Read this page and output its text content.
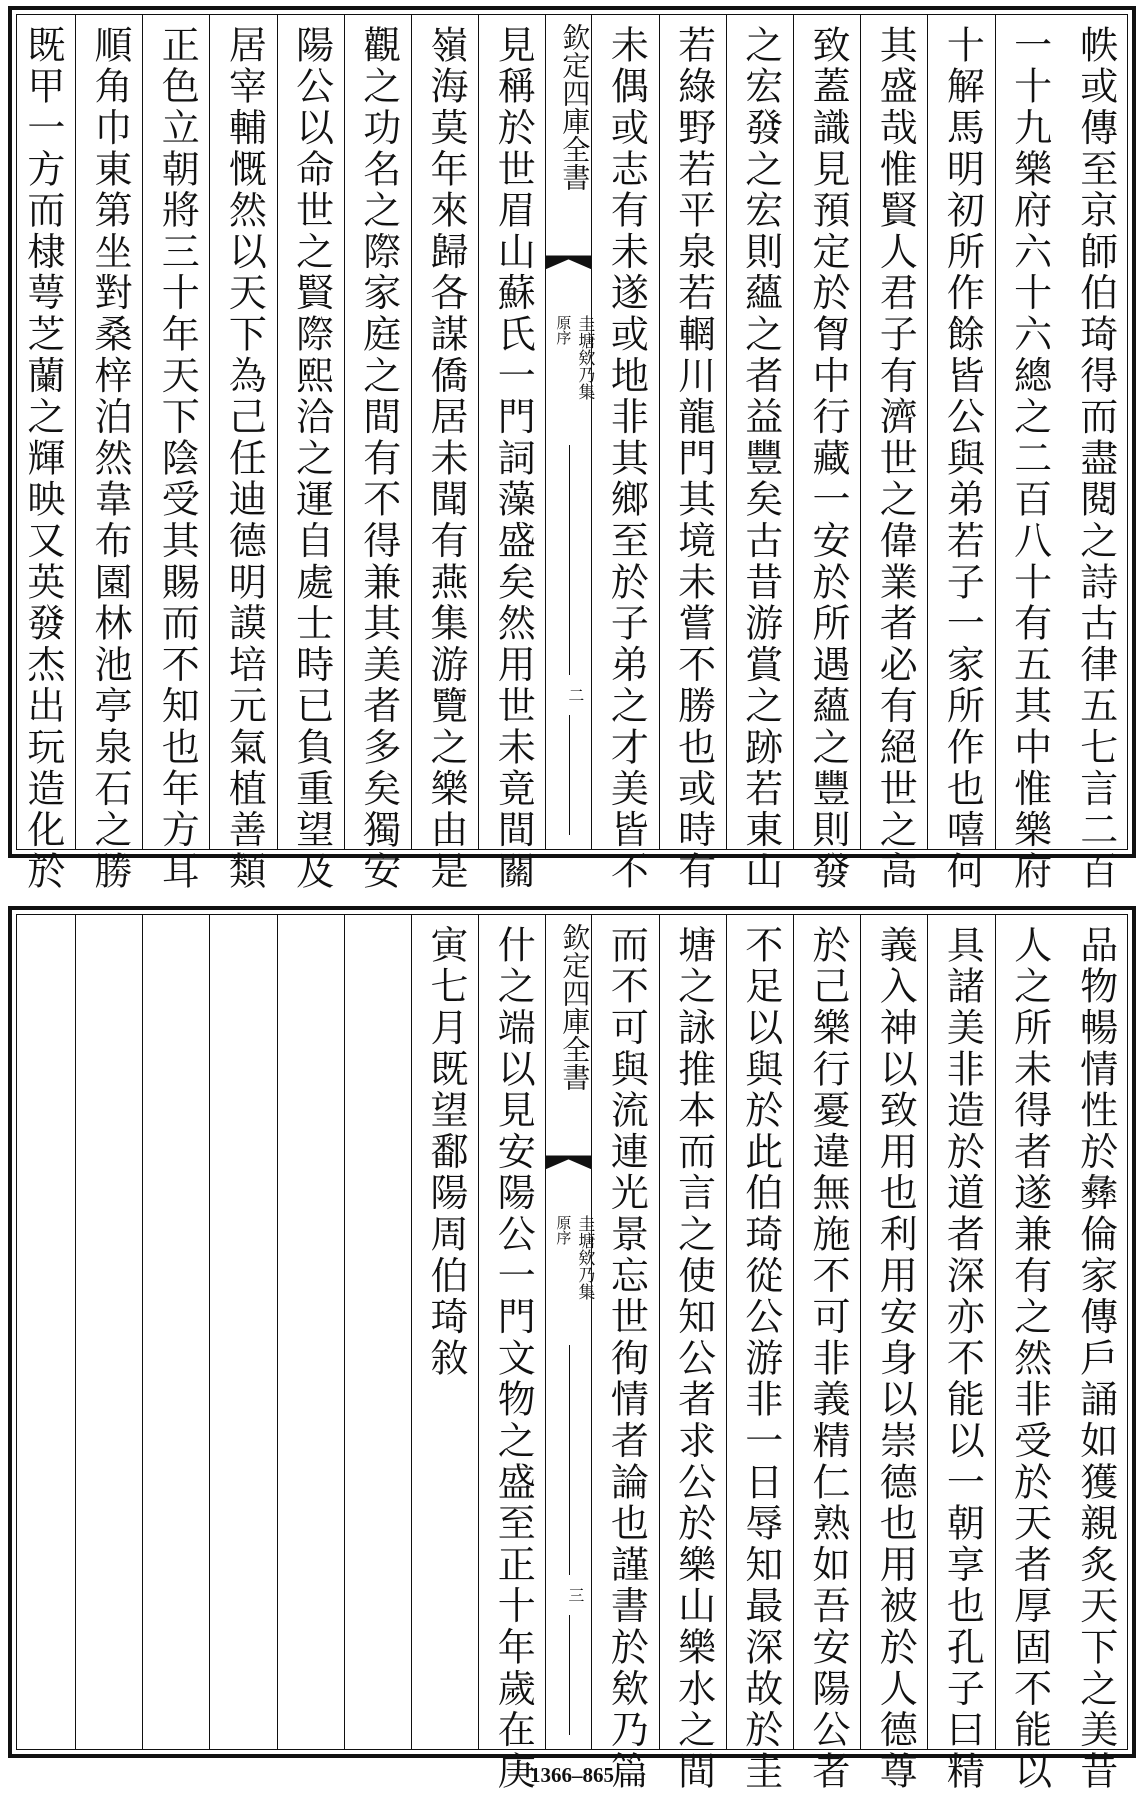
帙或傳至京師伯琦得而盡閱之詩古律五七言二百
一十九樂府六十六總之二百八十有五其中惟樂府
十解馬明初所作餘皆公與弟若子一家所作也嘻何
其盛哉惟賢人君子有濟世之偉業者必有絕世之高
致蓋識見預定於胷中行藏一安於所遇蘊之豐則發
之宏發之宏則蘊之者益豐矣古昔游賞之跡若東山
若綠野若平泉若輞川龍門其境未嘗不勝也或時有
未偶或志有未遂或地非其鄉至於子弟之才美皆不
欽定四庫全書
圭塘欸乃集
原序
二
見稱於世眉山蘇氏一門詞藻盛矣然用世未竟間關
嶺海莫年來歸各謀僑居未聞有燕集游覽之樂由是
觀之功名之際家庭之間有不得兼其美者多矣獨安
陽公以命世之賢際熙洽之運自處士時已負重望及
居宰輔慨然以天下為己任迪德明謨培元氣植善類
正色立朝將三十年天下陰受其賜而不知也年方耳
順角巾東第坐對桑梓泊然韋布園林池亭泉石之勝
既甲一方而棣萼芝蘭之輝映又英發杰出玩造化於
品物暢情性於彝倫家傳戶誦如獲親炙天下之美昔
人之所未得者遂兼有之然非受於天者厚固不能以
具諸美非造於道者深亦不能以一朝享也孔子曰精
義入神以致用也利用安身以崇德也用被於人德尊
於己樂行憂違無施不可非義精仁熟如吾安陽公者
不足以與於此伯琦從公游非一日辱知最深故於圭
塘之詠推本而言之使知公者求公於樂山樂水之間
而不可與流連光景忘世徇情者論也謹書於欸乃篇
欽定四庫全書
圭塘欸乃集
原序
三
什之端以見安陽公一門文物之盛至正十年歲在庚
寅七月既望鄱陽周伯琦敘
1366–865
